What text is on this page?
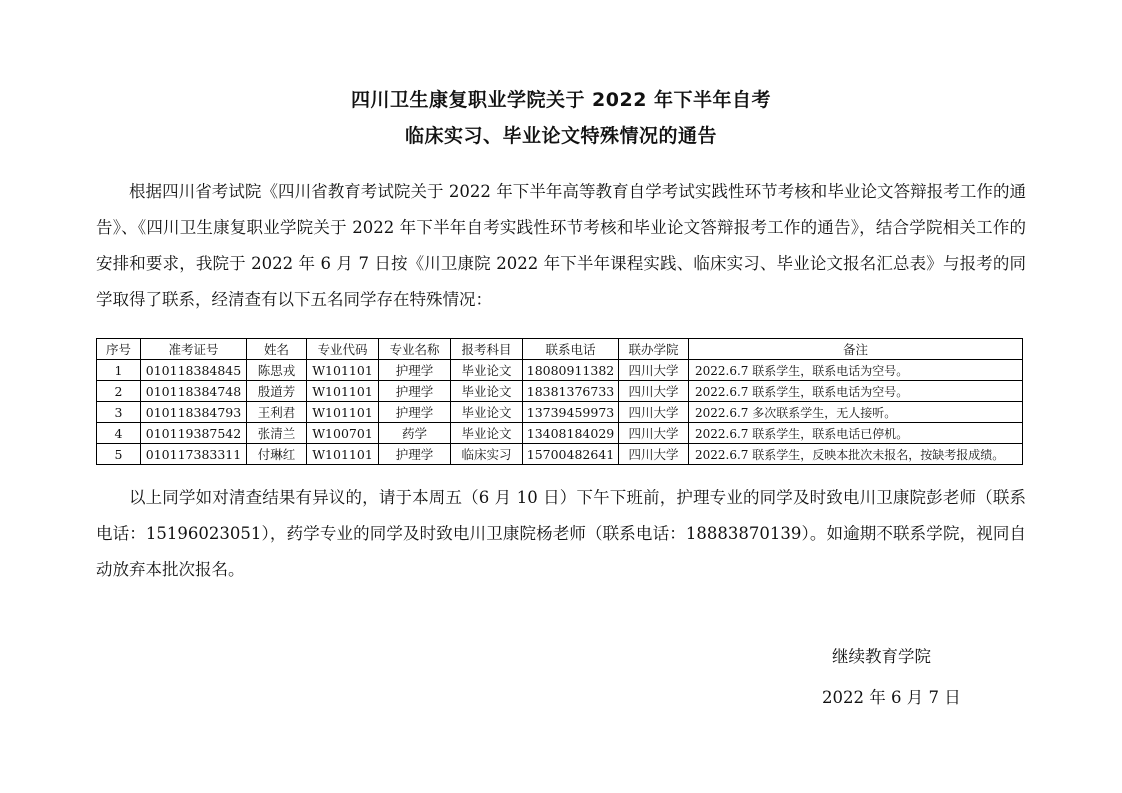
四川卫生康复职业学院关于 2022 年下半年自考
临床实习、毕业论文特殊情况的通告

根据四川省考试院《四川省教育考试院关于 2022 年下半年高等教育自学考试实践性环节考核和毕业论文答辩报考工作的通告》、《四川卫生康复职业学院关于 2022 年下半年自考实践性环节考核和毕业论文答辩报考工作的通告》，结合学院相关工作的安排和要求，我院于 2022 年 6 月 7 日按《川卫康院 2022 年下半年课程实践、临床实习、毕业论文报名汇总表》与报考的同学取得了联系，经清查有以下五名同学存在特殊情况：

序号	准考证号	姓名	专业代码	专业名称	报考科目	联系电话	联办学院	备注
1	010118384845	陈思戎	W101101	护理学	毕业论文	18080911382	四川大学	2022.6.7 联系学生，联系电话为空号。
2	010118384748	殷道芳	W101101	护理学	毕业论文	18381376733	四川大学	2022.6.7 联系学生，联系电话为空号。
3	010118384793	王利君	W101101	护理学	毕业论文	13739459973	四川大学	2022.6.7 多次联系学生，无人接听。
4	010119387542	张清兰	W100701	药学	毕业论文	13408184029	四川大学	2022.6.7 联系学生，联系电话已停机。
5	010117383311	付琳红	W101101	护理学	临床实习	15700482641	四川大学	2022.6.7 联系学生，反映本批次未报名，按缺考报成绩。

以上同学如对清查结果有异议的，请于本周五（6 月 10 日）下午下班前，护理专业的同学及时致电川卫康院彭老师（联系电话：15196023051），药学专业的同学及时致电川卫康院杨老师（联系电话：18883870139）。如逾期不联系学院，视同自动放弃本批次报名。

继续教育学院
2022 年 6 月 7 日
